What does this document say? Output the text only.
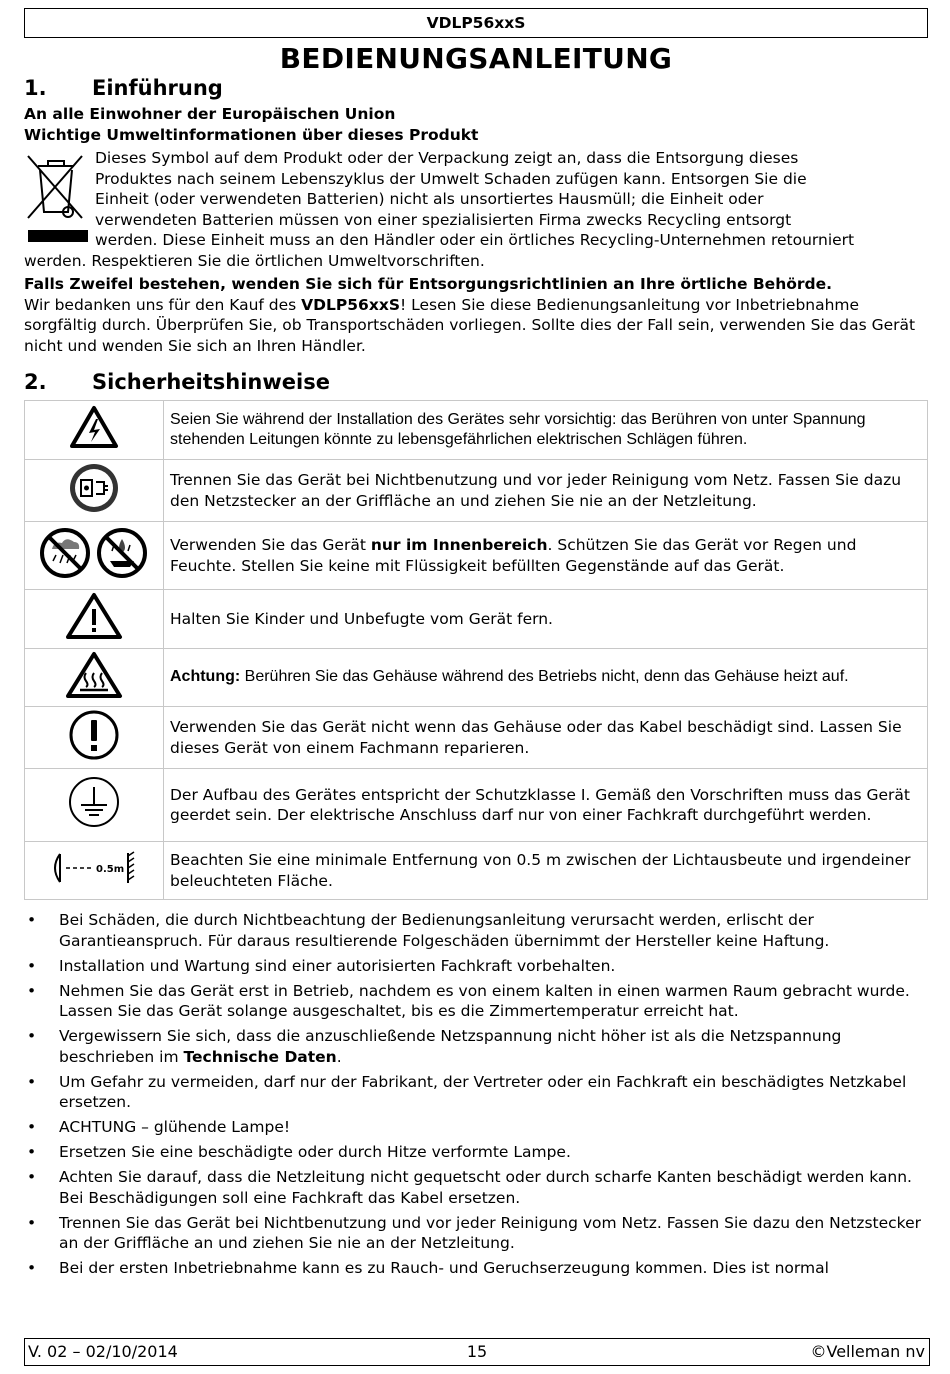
VDLP56xxS
BEDIENUNGSANLEITUNG
1. Einführung

An alle Einwohner der Europäischen Union

Wichtige Umweltinformationen über dieses Produkt

Dieses Symbol auf dem Produkt oder der Verpackung zeigt an, dass die Entsorgung dieses
Produktes nach seinem Lebenszyklus der Umwelt Schaden zufügen kann. Entsorgen Sie die
Einheit (oder verwendeten Batterien) nicht als unsortiertes Hausmüll; die Einheit oder
verwendeten Batterien müssen von einer spezialisierten Firma zwecks Recycling entsorgt
werden. Diese Einheit muss an den Händler oder ein örtliches Recycling-Unternehmen retourniert
werden. Respektieren Sie die örtlichen Umweltvorschriften.

Falls Zweifel bestehen, wenden Sie sich für Entsorgungsrichtlinien an Ihre örtliche Behörde.

Wir bedanken uns für den Kauf des VDLP56xxS! Lesen Sie diese Bedienungsanleitung vor Inbetriebnahme sorgfältig durch. Überprüfen Sie, ob Transportschäden vorliegen. Sollte dies der Fall sein, verwenden Sie das Gerät nicht und wenden Sie sich an Ihren Händler.

2. Sicherheitshinweise
	Seien Sie während der Installation des Gerätes sehr vorsichtig: das Berühren von unter Spannung stehenden Leitungen könnte zu lebensgefährlichen elektrischen Schlägen führen.
	Trennen Sie das Gerät bei Nichtbenutzung und vor jeder Reinigung vom Netz. Fassen Sie dazu den Netzstecker an der Griffläche an und ziehen Sie nie an der Netzleitung.
	Verwenden Sie das Gerät nur im Innenbereich. Schützen Sie das Gerät vor Regen und Feuchte. Stellen Sie keine mit Flüssigkeit befüllten Gegenstände auf das Gerät.
	Halten Sie Kinder und Unbefugte vom Gerät fern.
	Achtung: Berühren Sie das Gehäuse während des Betriebs nicht, denn das Gehäuse heizt auf.
	Verwenden Sie das Gerät nicht wenn das Gehäuse oder das Kabel beschädigt sind. Lassen Sie dieses Gerät von einem Fachmann reparieren.
	Der Aufbau des Gerätes entspricht der Schutzklasse I. Gemäß den Vorschriften muss das Gerät geerdet sein. Der elektrische Anschluss darf nur von einer Fachkraft durchgeführt werden.

0.5m	Beachten Sie eine minimale Entfernung von 0.5 m zwischen der Lichtausbeute und irgendeiner beleuchteten Fläche.
• Bei Schäden, die durch Nichtbeachtung der Bedienungsanleitung verursacht werden, erlischt der Garantieanspruch. Für daraus resultierende Folgeschäden übernimmt der Hersteller keine Haftung.
• Installation und Wartung sind einer autorisierten Fachkraft vorbehalten.
• Nehmen Sie das Gerät erst in Betrieb, nachdem es von einem kalten in einen warmen Raum gebracht wurde. Lassen Sie das Gerät solange ausgeschaltet, bis es die Zimmertemperatur erreicht hat.
• Vergewissern Sie sich, dass die anzuschließende Netzspannung nicht höher ist als die Netzspannung beschrieben im Technische Daten.
• Um Gefahr zu vermeiden, darf nur der Fabrikant, der Vertreter oder ein Fachkraft ein beschädigtes Netzkabel ersetzen.
• ACHTUNG – glühende Lampe!
• Ersetzen Sie eine beschädigte oder durch Hitze verformte Lampe.
• Achten Sie darauf, dass die Netzleitung nicht gequetscht oder durch scharfe Kanten beschädigt werden kann. Bei Beschädigungen soll eine Fachkraft das Kabel ersetzen.
• Trennen Sie das Gerät bei Nichtbenutzung und vor jeder Reinigung vom Netz. Fassen Sie dazu den Netzstecker an der Griffläche an und ziehen Sie nie an der Netzleitung.
• Bei der ersten Inbetriebnahme kann es zu Rauch- und Geruchserzeugung kommen. Dies ist normal
V. 02 – 02/10/2014	15	©Velleman nv
